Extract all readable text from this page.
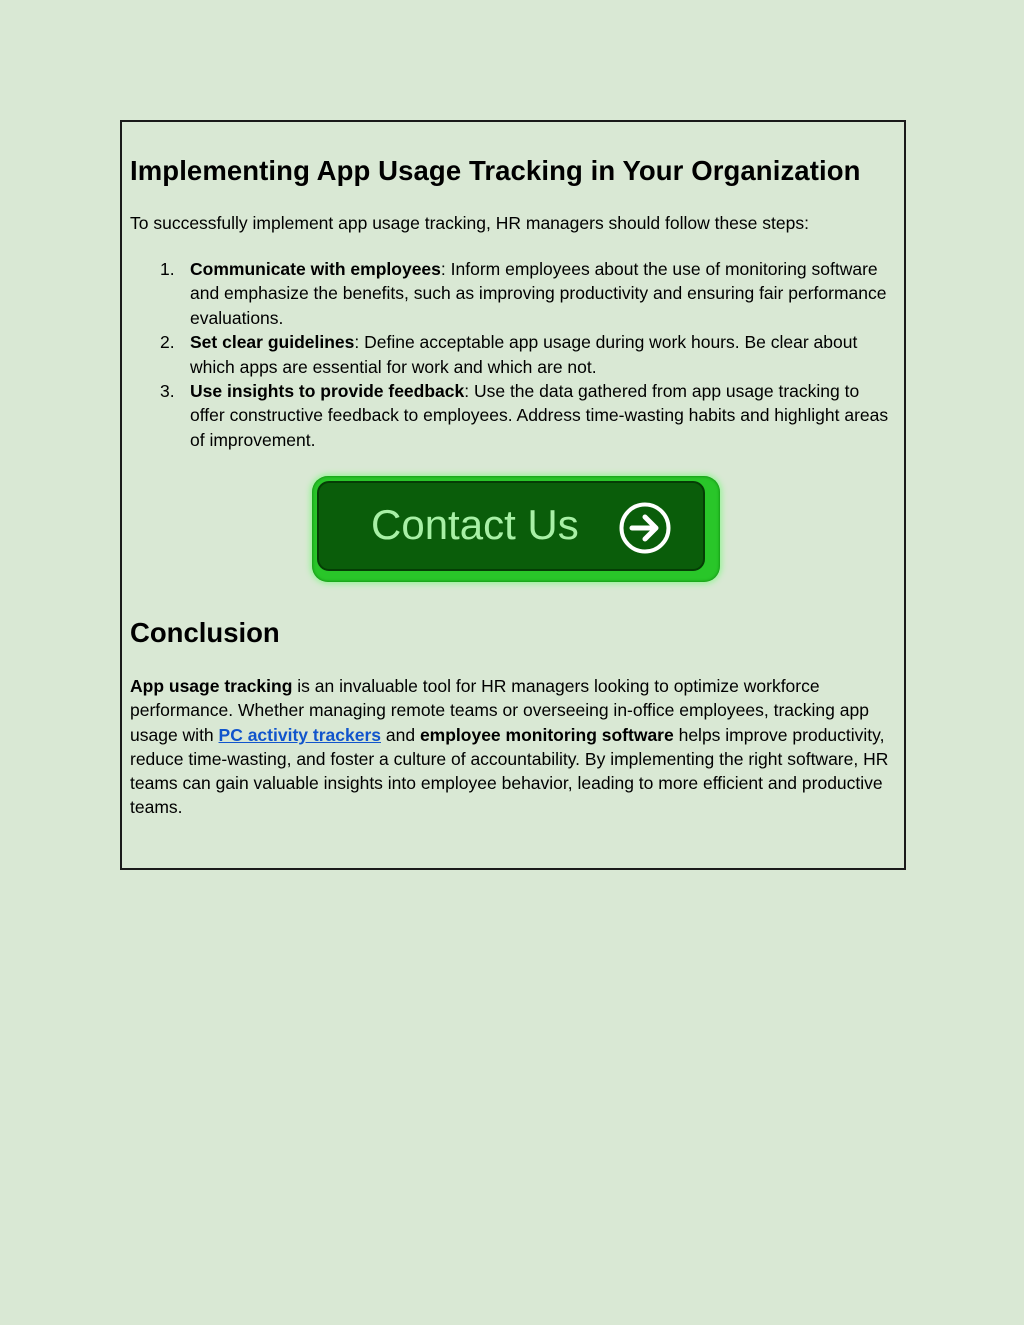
Implementing App Usage Tracking in Your Organization

To successfully implement app usage tracking, HR managers should follow these steps:

1. Communicate with employees: Inform employees about the use of monitoring software and emphasize the benefits, such as improving productivity and ensuring fair performance evaluations.
2. Set clear guidelines: Define acceptable app usage during work hours. Be clear about which apps are essential for work and which are not.
3. Use insights to provide feedback: Use the data gathered from app usage tracking to offer constructive feedback to employees. Address time-wasting habits and highlight areas of improvement.
Contact Us
Conclusion

App usage tracking is an invaluable tool for HR managers looking to optimize workforce performance. Whether managing remote teams or overseeing in-office employees, tracking app usage with PC activity trackers and employee monitoring software helps improve productivity, reduce time-wasting, and foster a culture of accountability. By implementing the right software, HR teams can gain valuable insights into employee behavior, leading to more efficient and productive teams.
